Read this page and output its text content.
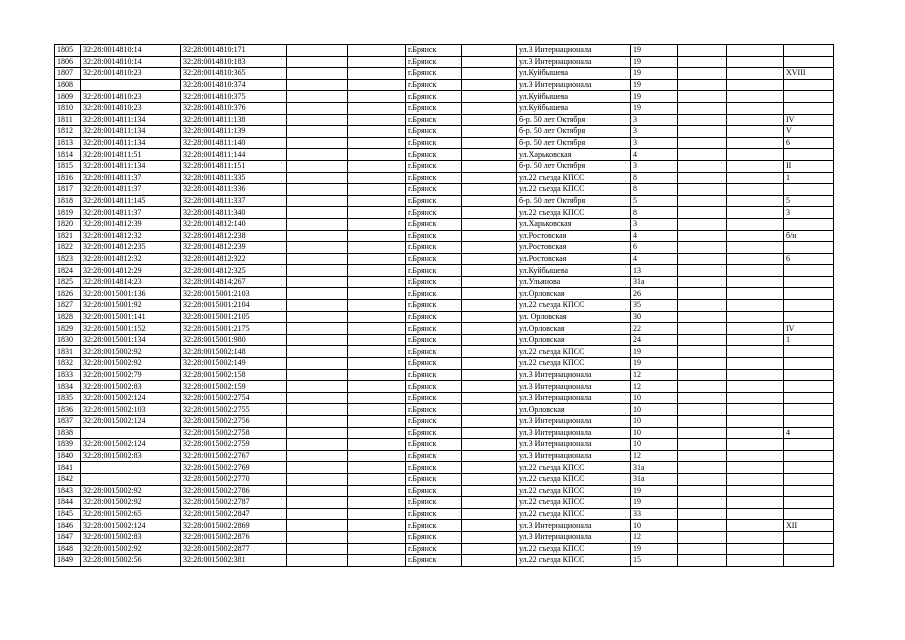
1805	32:28:0014810:14	32:28:0014810:171			г.Брянск		ул.3 Интернационала	19			
1806	32:28:0014810:14	32:28:0014810:183			г.Брянск		ул.3 Интернационала	19			
1807	32:28:0014810:23	32:28:0014810:365			г.Брянск		ул.Куйбышева	19			XVIII
1808		32:28:0014810:374			г.Брянск		ул.3 Интернационала	19			
1809	32:28:0014810:23	32:28:0014810:375			г.Брянск		ул.Куйбышева	19			
1810	32:28:0014810:23	32:28:0014810:376			г.Брянск		ул.Куйбышева	19			
1811	32:28:0014811:134	32:28:0014811:138			г.Брянск		б-р. 50 лет Октября	3			IV
1812	32:28:0014811:134	32:28:0014811:139			г.Брянск		б-р. 50 лет Октября	3			V
1813	32:28:0014811:134	32:28:0014811:140			г.Брянск		б-р. 50 лет Октября	3			6
1814	32:28:0014811:51	32:28:0014811:144			г.Брянск		ул.Харьковская	4			
1815	32:28:0014811:134	32:28:0014811:151			г.Брянск		б-р. 50 лет Октября	3			II
1816	32:28:0014811:37	32:28:0014811:335			г.Брянск		ул.22 съезда КПСС	8			1
1817	32:28:0014811:37	32:28:0014811:336			г.Брянск		ул.22 съезда КПСС	8			
1818	32:28:0014811:145	32:28:0014811:337			г.Брянск		б-р. 50 лет Октября	5			5
1819	32:28:0014811:37	32:28:0014811:340			г.Брянск		ул.22 съезда КПСС	8			3
1820	32:28:0014812:39	32:28:0014812:140			г.Брянск		ул.Харьковская	3			
1821	32:28:0014812:32	32:28:0014812:238			г.Брянск		ул.Ростовская	4			б/н
1822	32:28:0014812:235	32:28:0014812:239			г.Брянск		ул.Ростовская	6			
1823	32:28:0014812:32	32:28:0014812:322			г.Брянск		ул.Ростовская	4			6
1824	32:28:0014812:29	32:28:0014812:325			г.Брянск		ул.Куйбышева	13			
1825	32:28:0014814:23	32:28:0014814:267			г.Брянск		ул.Ульянова	31а			
1826	32:28:0015001:136	32:28:0015001:2103			г.Брянск		ул.Орловская	26			
1827	32:28:0015001:92	32:28:0015001:2104			г.Брянск		ул.22 съезда КПСС	35			
1828	32:28:0015001:141	32:28:0015001:2105			г.Брянск		ул. Орловская	30			
1829	32:28:0015001:152	32:28:0015001:2175			г.Брянск		ул.Орловская	22			IV
1830	32:28:0015001:134	32:28:0015001:980			г.Брянск		ул.Орловская	24			1
1831	32:28:0015002:92	32:28:0015002:148			г.Брянск		ул.22 съезда КПСС	19			
1832	32:28:0015002:92	32:28:0015002:149			г.Брянск		ул.22 съезда КПСС	19			
1833	32:28:0015002:79	32:28:0015002:158			г.Брянск		ул.3 Интернационала	12			
1834	32:28:0015002:83	32:28:0015002:159			г.Брянск		ул.3 Интернационала	12			
1835	32:28:0015002:124	32:28:0015002:2754			г.Брянск		ул.3 Интернационала	10			
1836	32:28:0015002:103	32:28:0015002:2755			г.Брянск		ул.Орловская	10			
1837	32:28:0015002:124	32:28:0015002:2756			г.Брянск		ул.3 Интернационала	10			
1838		32:28:0015002:2758			г.Брянск		ул.3 Интернационала	10			4
1839	32:28:0015002:124	32:28:0015002:2759			г.Брянск		ул.3 Интернационала	10			
1840	32:28:0015002:83	32:28:0015002:2767			г.Брянск		ул.3 Интернационала	12			
1841		32:28:0015002:2769			г.Брянск		ул.22 съезда КПСС	31а			
1842		32:28:0015002:2770			г.Брянск		ул.22 съезда КПСС	31а			
1843	32:28:0015002:92	32:28:0015002:2786			г.Брянск		ул.22 съезда КПСС	19			
1844	32:28:0015002:92	32:28:0015002:2787			г.Брянск		ул.22 съезда КПСС	19			
1845	32:28:0015002:65	32:28:0015002:2847			г.Брянск		ул.22 съезда КПСС	33			
1846	32:28:0015002:124	32:28:0015002:2869			г.Брянск		ул.3 Интернационала	10			XII
1847	32:28:0015002:83	32:28:0015002:2876			г.Брянск		ул.3 Интернационала	12			
1848	32:28:0015002:92	32:28:0015002:2877			г.Брянск		ул.22 съезда КПСС	19			
1849	32:28:0015002:56	32:28:0015002:381			г.Брянск		ул.22 съезда КПСС	15			
